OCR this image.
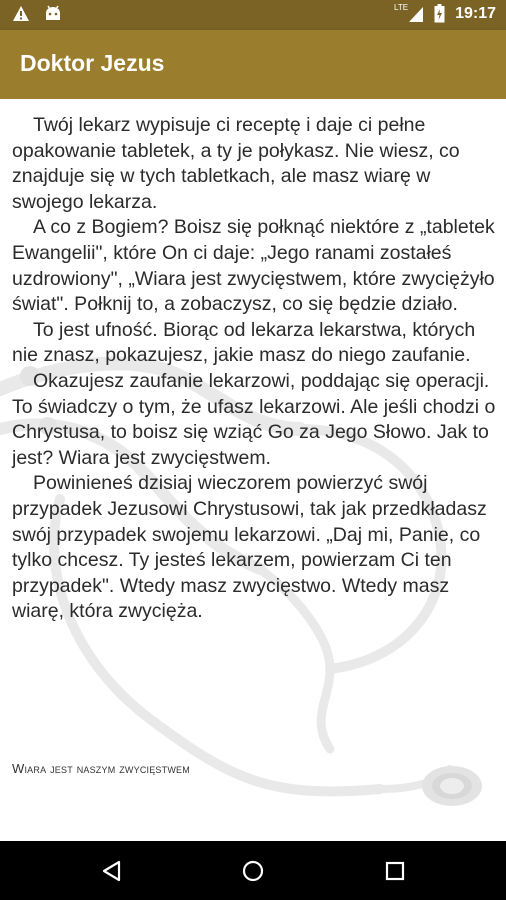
LTE	19:17
Doktor Jezus

Twój lekarz wypisuje ci receptę i daje ci pełne opakowanie tabletek, a ty je połykasz. Nie wiesz, co znajduje się w tych tabletkach, ale masz wiarę w swojego lekarza.

A co z Bogiem? Boisz się połknąć niektóre z „tabletek Ewangelii", które On ci daje: „Jego ranami zostałeś uzdrowiony", „Wiara jest zwycięstwem, które zwyciężyło świat". Połknij to, a zobaczysz, co się będzie działo.

To jest ufność. Biorąc od lekarza lekarstwa, których nie znasz, pokazujesz, jakie masz do niego zaufanie.

Okazujesz zaufanie lekarzowi, poddając się operacji. To świadczy o tym, że ufasz lekarzowi. Ale jeśli chodzi o Chrystusa, to boisz się wziąć Go za Jego Słowo. Jak to jest? Wiara jest zwycięstwem.

Powinieneś dzisiaj wieczorem powierzyć swój przypadek Jezusowi Chrystusowi, tak jak przedkładasz swój przypadek swojemu lekarzowi. „Daj mi, Panie, co tylko chcesz. Ty jesteś lekarzem, powierzam Ci ten przypadek". Wtedy masz zwycięstwo. Wtedy masz wiarę, która zwycięża.

Wiara jest naszym zwycięstwem
